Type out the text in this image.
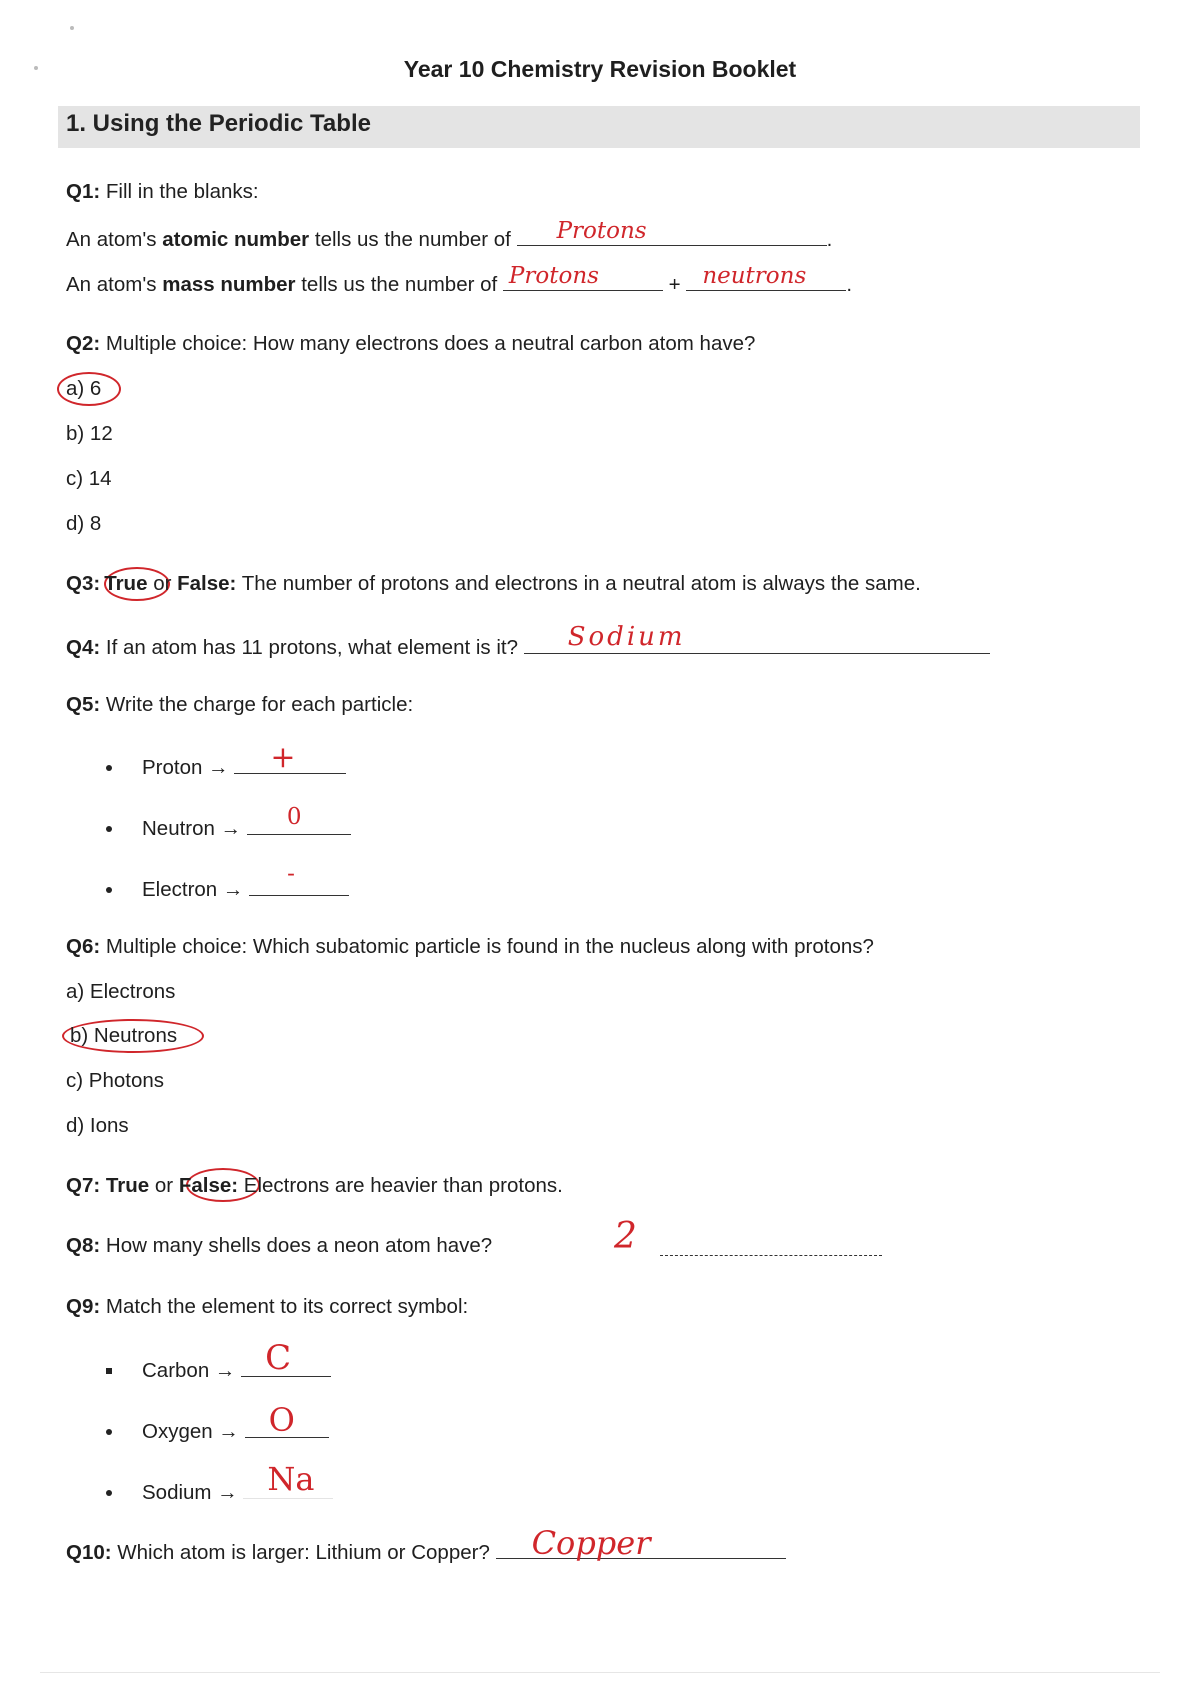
Year 10 Chemistry Revision Booklet
1. Using the Periodic Table
Q1: Fill in the blanks:
An atom's atomic number tells us the number of Protons	.
An atom's mass number tells us the number of Protons	+ neutrons	.
Q2: Multiple choice: How many electrons does a neutral carbon atom have?
a) 6
b) 12
c) 14
d) 8
Q3: True or False: The number of protons and electrons in a neutral atom is always the same.
Q4: If an atom has 11 protons, what element is it? Sodium
Q5: Write the charge for each particle:
Proton → +
Neutron → 0
Electron →
-
Q6: Multiple choice: Which subatomic particle is found in the nucleus along with protons?
a) Electrons
b) Neutrons
c) Photons
d) Ions
Q7: True or False: Electrons are heavier than protons.
Q8: How many shells does a neon atom have?	2
Q9: Match the element to its correct symbol:
Carbon → C
Oxygen → O
Sodium → Na
Q10: Which atom is larger: Lithium or Copper? Copper
